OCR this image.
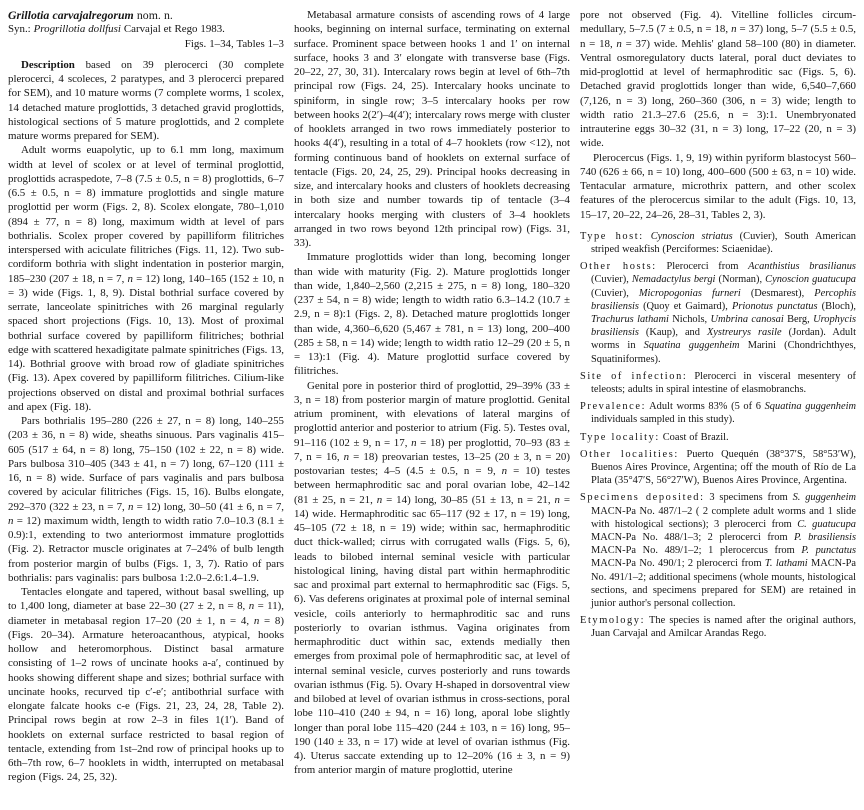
Grillotia carvajalregorum nom. n.

Syn.: Progrillotia dollfusi Carvajal et Rego 1983.

Figs. 1–34, Tables 1–3

Description based on 39 plerocerci (30 complete plerocerci, 4 scoleces, 2 paratypes, and 3 plerocerci prepared for SEM), and 10 mature worms (7 complete worms, 1 scolex, 14 detached mature proglottids, 3 detached gravid proglottids, histological sections of 5 mature proglottids, and 2 complete mature worms prepared for SEM).

Adult worms euapolytic, up to 6.1 mm long, maximum width at level of scolex or at level of terminal proglottid, proglottids acraspedote, 7–8 (7.5 ± 0.5, n = 8) proglottids, 6–7 (6.5 ± 0.5, n = 8) immature proglottids and single mature proglottid per worm (Figs. 2, 8). Scolex elongate, 780–1,010 (894 ± 77, n = 8) long, maximum width at level of pars bothrialis. Scolex proper covered by papilliform filitriches interspersed with aciculate filitriches (Figs. 11, 12). Two sub-cordiform bothria with slight indentation in posterior margin, 185–230 (207 ± 18, n = 7, n = 12) long, 140–165 (152 ± 10, n = 3) wide (Figs. 1, 8, 9). Distal bothrial surface covered by serrate, lanceolate spinitriches with 26 marginal regularly spaced short projections (Figs. 10, 13). Most of proximal bothrial surface covered by papilliform filitriches; bothrial edge with scattered hexadigitate palmate spinitriches (Figs. 13, 14). Bothrial groove with broad row of gladiate spinitriches (Fig. 13). Apex covered by papilliform filitriches. Cilium-like projections observed on distal and proximal bothrial surfaces and apex (Fig. 18).

Pars bothrialis 195–280 (226 ± 27, n = 8) long, 140–255 (203 ± 36, n = 8) wide, sheaths sinuous. Pars vaginalis 415–605 (517 ± 64, n = 8) long, 75–150 (102 ± 22, n = 8) wide. Pars bulbosa 310–405 (343 ± 41, n = 7) long, 67–120 (111 ± 16, n = 8) wide. Surface of pars vaginalis and pars bulbosa covered by acicular filitriches (Figs. 15, 16). Bulbs elongate, 292–370 (322 ± 23, n = 7, n = 12) long, 30–50 (41 ± 6, n = 7, n = 12) maximum width, length to width ratio 7.0–10.3 (8.1 ± 0.9):1, extending to two anteriormost immature proglottids (Fig. 2). Retractor muscle originates at 7–24% of bulb length from posterior margin of bulbs (Figs. 1, 3, 7). Ratio of pars bothrialis: pars vaginalis: pars bulbosa 1:2.0–2.6:1.4–1.9.

Tentacles elongate and tapered, without basal swelling, up to 1,400 long, diameter at base 22–30 (27 ± 2, n = 8, n = 11), diameter in metabasal region 17–20 (20 ± 1, n = 4, n = 8) (Figs. 20–34). Armature heteroacanthous, atypical, hooks hollow and heteromorphous. Distinct basal armature consisting of 1–2 rows of uncinate hooks a-a′, continued by hooks showing different shape and sizes; bothrial surface with uncinate hooks, recurved tip c′-e′; antibothrial surface with elongate falcate hooks c-e (Figs. 21, 23, 24, 28, Table 2). Principal rows begin at row 2–3 in files 1(1′). Band of hooklets on external surface restricted to basal region of tentacle, extending from 1st–2nd row of principal hooks up to 6th–7th row, 6–7 hooklets in width, interrupted on metabasal region (Figs. 24, 25, 32).

Metabasal armature consists of ascending rows of 4 large hooks, beginning on internal surface, terminating on external surface. Prominent space between hooks 1 and 1′ on internal surface, hooks 3 and 3′ elongate with transverse base (Figs. 20–22, 27, 30, 31). Intercalary rows begin at level of 6th–7th principal row (Figs. 24, 25). Intercalary hooks uncinate to spiniform, in single row; 3–5 intercalary hooks per row between hooks 2(2′)–4(4′); intercalary rows merge with cluster of hooklets arranged in two rows immediately posterior to hooks 4(4′), resulting in a total of 4–7 hooklets (row <12), not forming continuous band of hooklets on external surface of tentacle (Figs. 20, 24, 25, 29). Principal hooks decreasing in size, and intercalary hooks and clusters of hooklets decreasing in both size and number towards tip of tentacle (3–4 intercalary hooks merging with clusters of 3–4 hooklets arranged in two rows beyond 12th principal row) (Figs. 31, 33).

Immature proglottids wider than long, becoming longer than wide with maturity (Fig. 2). Mature proglottids longer than wide, 1,840–2,560 (2,215 ± 275, n = 8) long, 180–320 (237 ± 54, n = 8) wide; length to width ratio 6.3–14.2 (10.7 ± 2.9, n = 8):1 (Figs. 2, 8). Detached mature proglottids longer than wide, 4,360–6,620 (5,467 ± 781, n = 13) long, 200–400 (285 ± 58, n = 14) wide; length to width ratio 12–29 (20 ± 5, n = 13):1 (Fig. 4). Mature proglottid surface covered by filitriches.

Genital pore in posterior third of proglottid, 29–39% (33 ± 3, n = 18) from posterior margin of mature proglottid. Genital atrium prominent, with elevations of lateral margins of proglottid anterior and posterior to atrium (Fig. 5). Testes oval, 91–116 (102 ± 9, n = 17, n = 18) per proglottid, 70–93 (83 ± 7, n = 16, n = 18) preovarian testes, 13–25 (20 ± 3, n = 20) postovarian testes; 4–5 (4.5 ± 0.5, n = 9, n = 10) testes between hermaphroditic sac and poral ovarian lobe, 42–142 (81 ± 25, n = 21, n = 14) long, 30–85 (51 ± 13, n = 21, n = 14) wide. Hermaphroditic sac 65–117 (92 ± 17, n = 19) long, 45–105 (72 ± 18, n = 19) wide; within sac, hermaphroditic duct thick-walled; cirrus with corrugated walls (Figs. 5, 6), leads to bilobed internal seminal vesicle with particular histological lining, having distal part within hermaphroditic sac and proximal part external to hermaphroditic sac (Figs. 5, 6). Vas deferens originates at proximal pole of internal seminal vesicle, coils anteriorly to hermaphroditic sac and runs posteriorly to ovarian isthmus. Vagina originates from hermaphroditic duct within sac, extends medially then emerges from proximal pole of hermaphroditic sac, at level of internal seminal vesicle, curves posteriorly and runs towards ovarian isthmus (Fig. 5). Ovary H-shaped in dorsoventral view and bilobed at level of ovarian isthmus in cross-sections, poral lobe 110–410 (240 ± 94, n = 16) long, aporal lobe slightly longer than poral lobe 115–420 (244 ± 103, n = 16) long, 95–190 (140 ± 33, n = 17) wide at level of ovarian isthmus (Fig. 4). Uterus saccate extending up to 12–20% (16 ± 3, n = 9) from anterior margin of mature proglottid, uterine

pore not observed (Fig. 4). Vitelline follicles circum-medullary, 5–7.5 (7 ± 0.5, n = 18, n = 37) long, 5–7 (5.5 ± 0.5, n = 18, n = 37) wide. Mehlis' gland 58–100 (80) in diameter. Ventral osmoregulatory ducts lateral, poral duct deviates to mid-proglottid at level of hermaphroditic sac (Figs. 5, 6). Detached gravid proglottids longer than wide, 6,540–7,660 (7,126, n = 3) long, 260–360 (306, n = 3) wide; length to width ratio 21.3–27.6 (25.6, n = 3):1. Unembryonated intrauterine eggs 30–32 (31, n = 3) long, 17–22 (20, n = 3) wide.

Plerocercus (Figs. 1, 9, 19) within pyriform blastocyst 560–740 (626 ± 66, n = 10) long, 400–600 (500 ± 63, n = 10) wide. Tentacular armature, microthrix pattern, and other scolex features of the plerocercus similar to the adult (Figs. 10, 13, 15–17, 20–22, 24–26, 28–31, Tables 2, 3).

Type host: Cynoscion striatus (Cuvier), South American striped weakfish (Perciformes: Sciaenidae).

Other hosts: Plerocerci from Acanthistius brasilianus (Cuvier), Nemadactylus bergi (Norman), Cynoscion guatucupa (Cuvier), Micropogonias furneri (Desmarest), Percophis brasiliensis (Quoy et Gaimard), Prionotus punctatus (Bloch), Trachurus lathami Nichols, Umbrina canosai Berg, Urophycis brasiliensis (Kaup), and Xystreurys rasile (Jordan). Adult worms in Squatina guggenheim Marini (Chondrichthyes, Squatiniformes).

Site of infection: Plerocerci in visceral mesentery of teleosts; adults in spiral intestine of elasmobranchs.

Prevalence: Adult worms 83% (5 of 6 Squatina guggenheim individuals sampled in this study).

Type locality: Coast of Brazil.

Other localities: Puerto Quequén (38°37′S, 58°53′W), Buenos Aires Province, Argentina; off the mouth of Río de La Plata (35°47′S, 56°27′W), Buenos Aires Province, Argentina.

Specimens deposited: 3 specimens from S. guggenheim MACN-Pa No. 487/1–2 ( 2 complete adult worms and 1 slide with histological sections); 3 plerocerci from C. guatucupa MACN-Pa No. 488/1–3; 2 plerocerci from P. brasiliensis MACN-Pa No. 489/1–2; 1 plerocercus from P. punctatus MACN-Pa No. 490/1; 2 plerocerci from T. lathami MACN-Pa No. 491/1–2; additional specimens (whole mounts, histological sections, and specimens prepared for SEM) are retained in junior author's personal collection.

Etymology: The species is named after the original authors, Juan Carvajal and Amilcar Arandas Rego.
